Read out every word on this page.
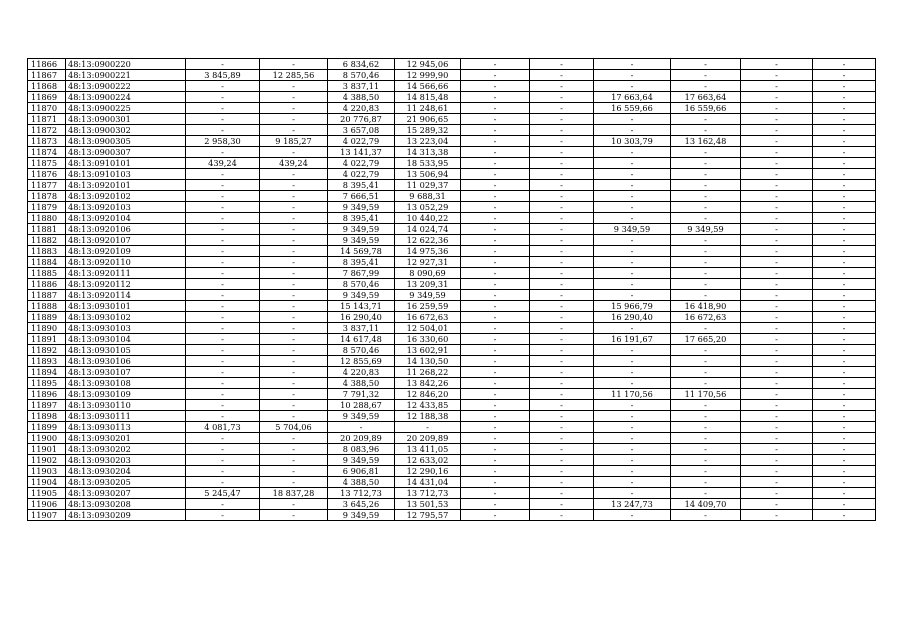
11866	48:13:0900220	-	-	6 834,62	12 945,06	-	-	-	-	-	-
11867	48:13:0900221	3 845,89	12 285,56	8 570,46	12 999,90	-	-	-	-	-	-
11868	48:13:0900222	-	-	3 837,11	14 566,66	-	-	-	-	-	-
11869	48:13:0900224	-	-	4 388,50	14 815,48	-	-	17 663,64	17 663,64	-	-
11870	48:13:0900225	-	-	4 220,83	11 248,61	-	-	16 559,66	16 559,66	-	-
11871	48:13:0900301	-	-	20 776,87	21 906,65	-	-	-	-	-	-
11872	48:13:0900302	-	-	3 657,08	15 289,32	-	-	-	-	-	-
11873	48:13:0900305	2 958,30	9 185,27	4 022,79	13 223,04	-	-	10 303,79	13 162,48	-	-
11874	48:13:0900307	-	-	13 141,37	14 313,38	-	-	-	-	-	-
11875	48:13:0910101	439,24	439,24	4 022,79	18 533,95	-	-	-	-	-	-
11876	48:13:0910103	-	-	4 022,79	13 506,94	-	-	-	-	-	-
11877	48:13:0920101	-	-	8 395,41	11 029,37	-	-	-	-	-	-
11878	48:13:0920102	-	-	7 666,51	9 688,31	-	-	-	-	-	-
11879	48:13:0920103	-	-	9 349,59	13 052,29	-	-	-	-	-	-
11880	48:13:0920104	-	-	8 395,41	10 440,22	-	-	-	-	-	-
11881	48:13:0920106	-	-	9 349,59	14 024,74	-	-	9 349,59	9 349,59	-	-
11882	48:13:0920107	-	-	9 349,59	12 622,36	-	-	-	-	-	-
11883	48:13:0920109	-	-	14 569,78	14 975,36	-	-	-	-	-	-
11884	48:13:0920110	-	-	8 395,41	12 927,31	-	-	-	-	-	-
11885	48:13:0920111	-	-	7 867,99	8 090,69	-	-	-	-	-	-
11886	48:13:0920112	-	-	8 570,46	13 209,31	-	-	-	-	-	-
11887	48:13:0920114	-	-	9 349,59	9 349,59	-	-	-	-	-	-
11888	48:13:0930101	-	-	15 143,71	16 259,59	-	-	15 966,79	16 418,90	-	-
11889	48:13:0930102	-	-	16 290,40	16 672,63	-	-	16 290,40	16 672,63	-	-
11890	48:13:0930103	-	-	3 837,11	12 504,01	-	-	-	-	-	-
11891	48:13:0930104	-	-	14 617,48	16 330,60	-	-	16 191,67	17 665,20	-	-
11892	48:13:0930105	-	-	8 570,46	13 602,91	-	-	-	-	-	-
11893	48:13:0930106	-	-	12 855,69	14 130,50	-	-	-	-	-	-
11894	48:13:0930107	-	-	4 220,83	11 268,22	-	-	-	-	-	-
11895	48:13:0930108	-	-	4 388,50	13 842,26	-	-	-	-	-	-
11896	48:13:0930109	-	-	7 791,32	12 846,20	-	-	11 170,56	11 170,56	-	-
11897	48:13:0930110	-	-	10 288,67	12 433,85	-	-	-	-	-	-
11898	48:13:0930111	-	-	9 349,59	12 188,38	-	-	-	-	-	-
11899	48:13:0930113	4 081,73	5 704,06	-	-	-	-	-	-	-	-
11900	48:13:0930201	-	-	20 209,89	20 209,89	-	-	-	-	-	-
11901	48:13:0930202	-	-	8 083,96	13 411,05	-	-	-	-	-	-
11902	48:13:0930203	-	-	9 349,59	12 633,02	-	-	-	-	-	-
11903	48:13:0930204	-	-	6 906,81	12 290,16	-	-	-	-	-	-
11904	48:13:0930205	-	-	4 388,50	14 431,04	-	-	-	-	-	-
11905	48:13:0930207	5 245,47	18 837,28	13 712,73	13 712,73	-	-	-	-	-	-
11906	48:13:0930208	-	-	3 645,26	13 501,53	-	-	13 247,73	14 409,70	-	-
11907	48:13:0930209	-	-	9 349,59	12 795,57	-	-	-	-	-	-
